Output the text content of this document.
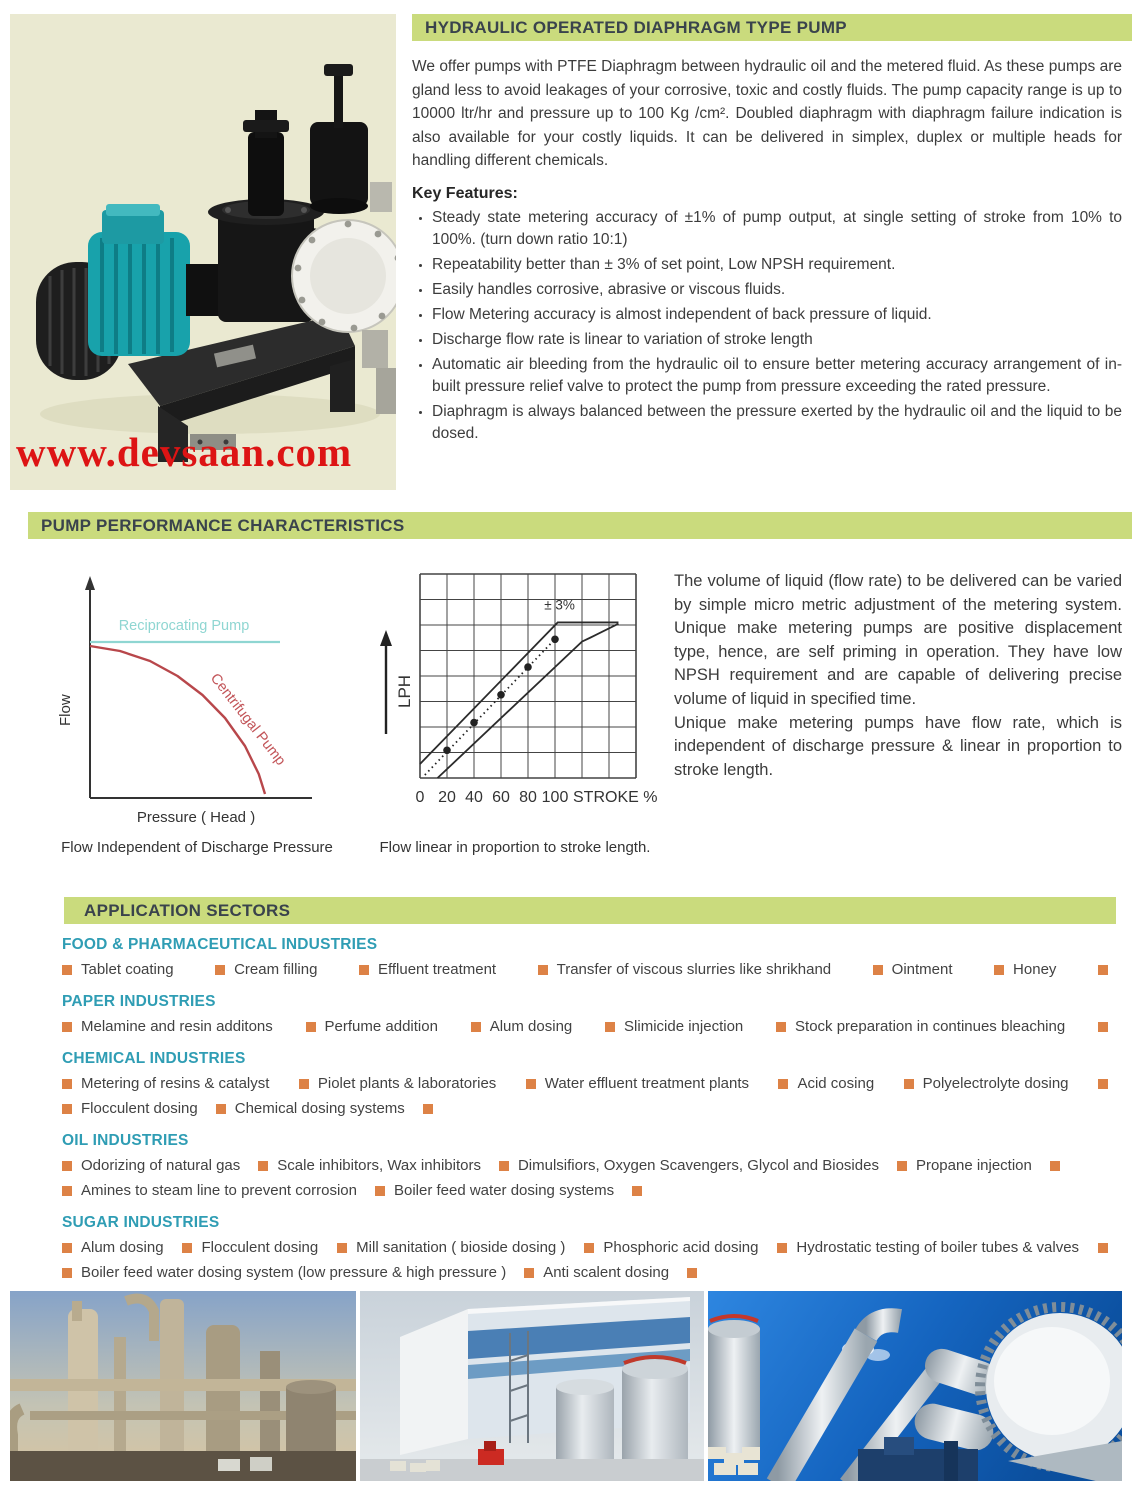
www.devsaan.com
HYDRAULIC OPERATED DIAPHRAGM TYPE PUMP

We offer pumps with PTFE Diaphragm between hydraulic oil and the metered fluid. As these pumps are gland less to avoid leakages of your corrosive, toxic and costly fluids. The pump capacity range is up to 10000 ltr/hr and pressure up to 100 Kg /cm². Doubled diaphragm with diaphragm failure indication is also available for your costly liquids. It can be delivered in simplex, duplex or multiple heads for handling different chemicals.

Key Features:
• Steady state metering accuracy of ±1% of pump output, at single setting of stroke from 10% to 100%. (turn down ratio 10:1)
• Repeatability better than ± 3% of set point, Low NPSH requirement.
• Easily handles corrosive, abrasive or viscous fluids.
• Flow Metering accuracy is almost independent of back pressure of liquid.
• Discharge flow rate is linear to variation of stroke length
• Automatic air bleeding from the hydraulic oil to ensure better metering accuracy arrangement of in-built pressure relief valve to protect the pump from pressure exceeding the rated pressure.
• Diaphragm is always balanced between the pressure exerted by the hydraulic oil and the liquid to be dosed.
PUMP PERFORMANCE CHARACTERISTICS
Reciprocating Pump
Centrifugal Pump
Flow
Pressure ( Head )
Flow Independent of Discharge Pressure
LPH
± 3%
0 20 40 60 80 100 STROKE %
Flow linear in proportion to stroke length.

The volume of liquid (flow rate) to be delivered can be varied by simple micro metric adjustment of the metering system. Unique make metering pumps are positive displacement type, hence, are self priming in operation. They have low NPSH requirement and are capable of delivering precise volume of liquid in specified time.

Unique make metering pumps have flow rate, which is independent of discharge pressure & linear in proportion to stroke length.

APPLICATION SECTORS
FOOD & PHARMACEUTICAL INDUSTRIES
Tablet coating	Cream filling	Effluent treatment	Transfer of viscous slurries like shrikhand	Ointment	Honey
PAPER INDUSTRIES
Melamine and resin additons	Perfume addition	Alum dosing	Slimicide injection	Stock preparation in continues bleaching
CHEMICAL INDUSTRIES
Metering of resins & catalyst	Piolet plants & laboratories	Water effluent treatment plants	Acid cosing	Polyelectrolyte dosing
Flocculent dosing Chemical dosing systems
OIL INDUSTRIES
Odorizing of natural gas Scale inhibitors, Wax inhibitors Dimulsifiors, Oxygen Scavengers, Glycol and Biosides Propane injection
Amines to steam line to prevent corrosion Boiler feed water dosing systems
SUGAR INDUSTRIES
Alum dosing	Flocculent dosing	Mill sanitation ( bioside dosing )	Phosphoric acid dosing	Hydrostatic testing of boiler tubes & valves
Boiler feed water dosing system (low pressure & high pressure ) Anti scalent dosing
